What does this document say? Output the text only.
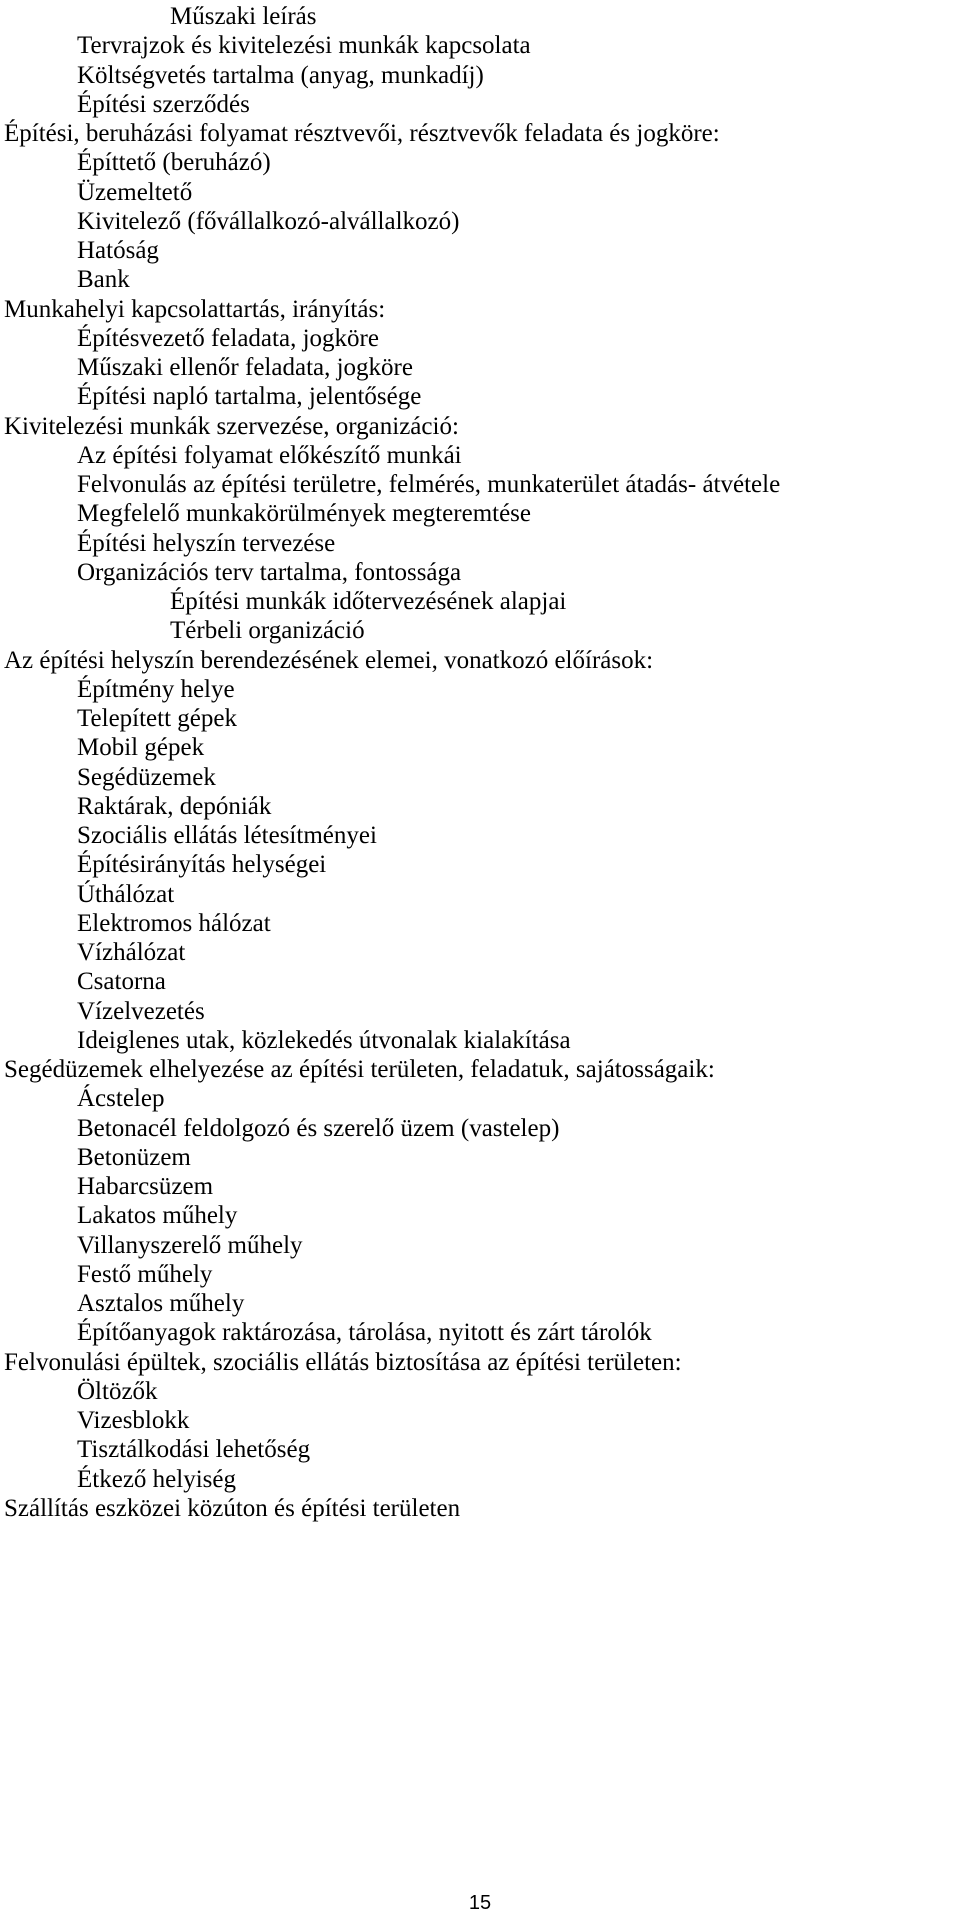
Műszaki leírás
Tervrajzok és kivitelezési munkák kapcsolata
Költségvetés tartalma (anyag, munkadíj)
Építési szerződés
Építési, beruházási folyamat résztvevői, résztvevők feladata és jogköre:
Építtető (beruházó)
Üzemeltető
Kivitelező (fővállalkozó-alvállalkozó)
Hatóság
Bank
Munkahelyi kapcsolattartás, irányítás:
Építésvezető feladata, jogköre
Műszaki ellenőr feladata, jogköre
Építési napló tartalma, jelentősége
Kivitelezési munkák szervezése, organizáció:
Az építési folyamat előkészítő munkái
Felvonulás az építési területre, felmérés, munkaterület átadás- átvétele
Megfelelő munkakörülmények megteremtése
Építési helyszín tervezése
Organizációs terv tartalma, fontossága
Építési munkák időtervezésének alapjai
Térbeli organizáció
Az építési helyszín berendezésének elemei, vonatkozó előírások:
Építmény helye
Telepített gépek
Mobil gépek
Segédüzemek
Raktárak, depóniák
Szociális ellátás létesítményei
Építésirányítás helységei
Úthálózat
Elektromos hálózat
Vízhálózat
Csatorna
Vízelvezetés
Ideiglenes utak, közlekedés útvonalak kialakítása
Segédüzemek elhelyezése az építési területen, feladatuk, sajátosságaik:
Ácstelep
Betonacél feldolgozó és szerelő üzem (vastelep)
Betonüzem
Habarcsüzem
Lakatos műhely
Villanyszerelő műhely
Festő műhely
Asztalos műhely
Építőanyagok raktározása, tárolása, nyitott és zárt tárolók
Felvonulási épültek, szociális ellátás biztosítása az építési területen:
Öltözők
Vizesblokk
Tisztálkodási lehetőség
Étkező helyiség
Szállítás eszközei közúton és építési területen
15
